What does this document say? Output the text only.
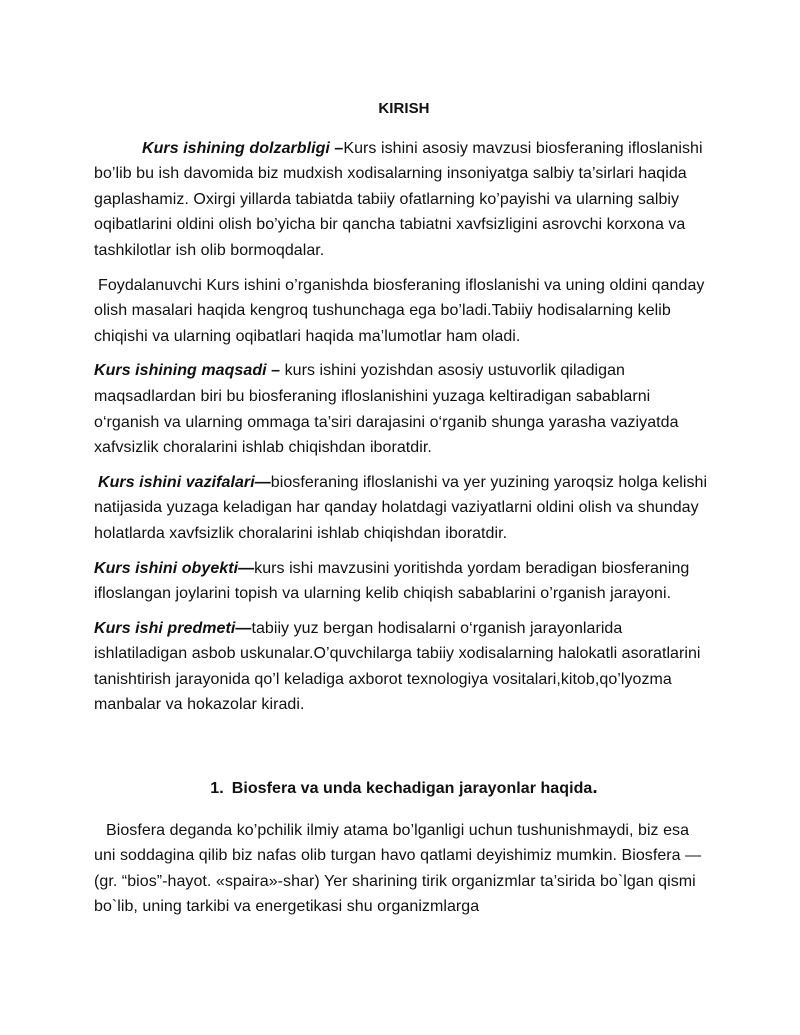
KIRISH

Kurs ishining dolzarbligi –Kurs ishini asosiy mavzusi biosferaning ifloslanishi bo’lib bu ish davomida biz mudxish xodisalarning insoniyatga salbiy ta’sirlari haqida gaplashamiz. Oxirgi yillarda tabiatda tabiiy ofatlarning ko’payishi va ularning salbiy oqibatlarini oldini olish bo’yicha bir qancha tabiatni xavfsizligini asrovchi korxona va tashkilotlar ish olib bormoqdalar.

Foydalanuvchi Kurs ishini o’rganishda biosferaning ifloslanishi va uning oldini qanday olish masalari haqida kengroq tushunchaga ega bo’ladi.Tabiiy hodisalarning kelib chiqishi va ularning oqibatlari haqida ma’lumotlar ham oladi.

Kurs ishining maqsadi – kurs ishini yozishdan asosiy ustuvorlik qiladigan maqsadlardan biri bu biosferaning ifloslanishini yuzaga keltiradigan sabablarni o‘rganish va ularning ommaga ta’siri darajasini o‘rganib shunga yarasha vaziyatda xafvsizlik choralarini ishlab chiqishdan iboratdir.

Kurs ishini vazifalari—biosferaning ifloslanishi va yer yuzining yaroqsiz holga kelishi natijasida yuzaga keladigan har qanday holatdagi vaziyatlarni oldini olish va shunday holatlarda xavfsizlik choralarini ishlab chiqishdan iboratdir.

Kurs ishini obyekti—kurs ishi mavzusini yoritishda yordam beradigan biosferaning ifloslangan joylarini topish va ularning kelib chiqish sabablarini o’rganish jarayoni.

Kurs ishi predmeti—tabiiy yuz bergan hodisalarni o‘rganish jarayonlarida ishlatiladigan asbob uskunalar.O’quvchilarga tabiiy xodisalarning halokatli asoratlarini tanishtirish jarayonida qo’l keladiga axborot texnologiya vositalari,kitob,qo’lyozma manbalar va hokazolar kiradi.

1. Biosfera va unda kechadigan jarayonlar haqida.

Biosfera deganda ko’pchilik ilmiy atama bo’lganligi uchun tushunishmaydi, biz esa uni soddagina qilib biz nafas olib turgan havo qatlami deyishimiz mumkin. Biosfera — (gr. “bios”-hayot. «spaira»-shar) Yer sharining tirik organizmlar ta’sirida bo`lgan qismi bo`lib, uning tarkibi va energetikasi shu organizmlarga
